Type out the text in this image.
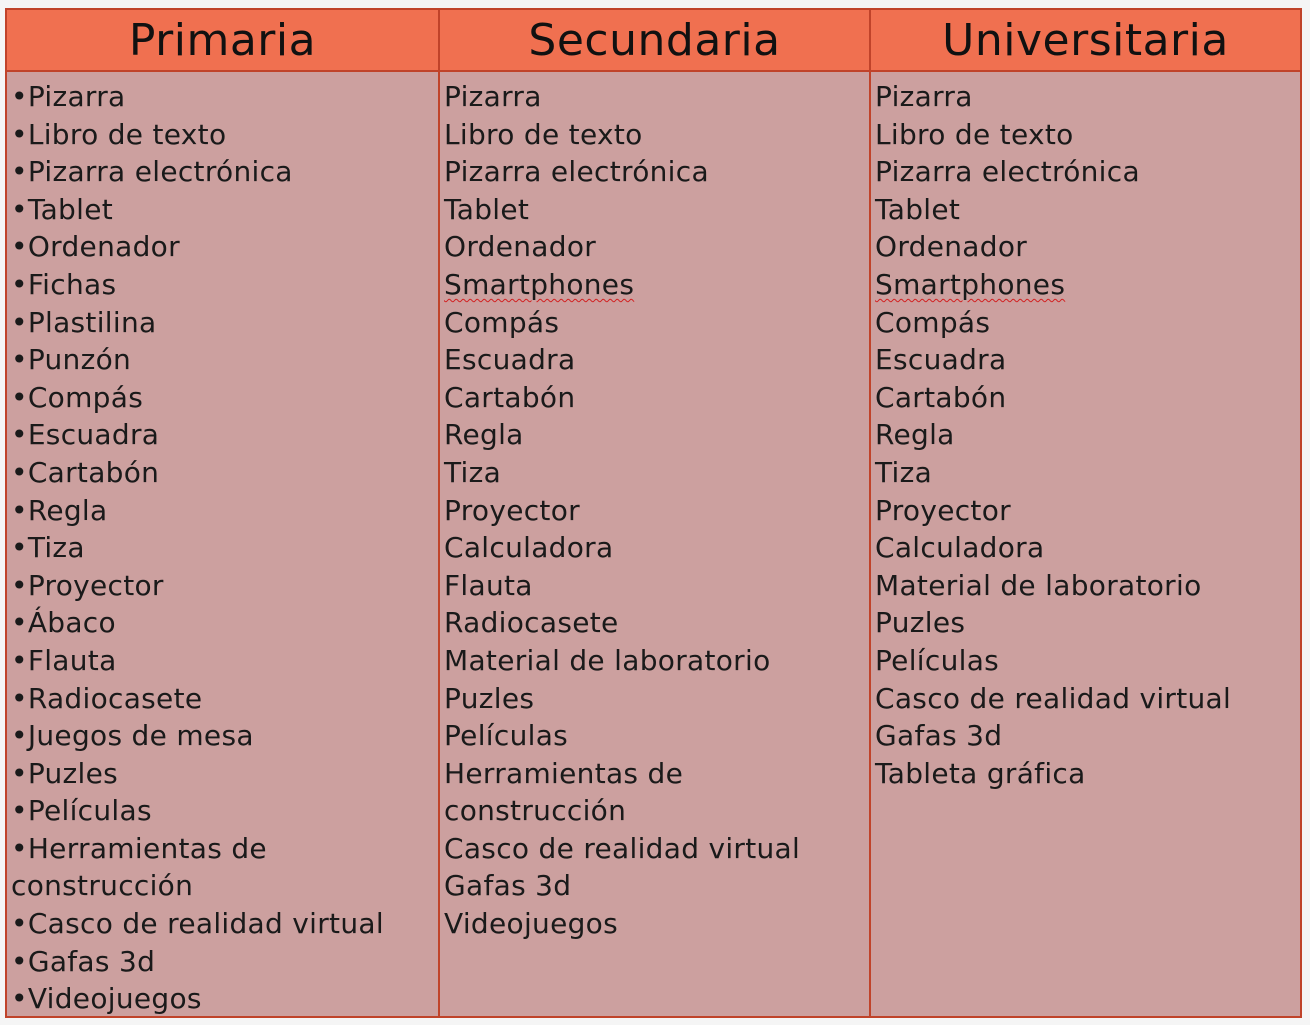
Primaria	Secundaria	Universitaria
•Pizarra
•Libro de texto
•Pizarra electrónica
•Tablet
•Ordenador
•Fichas
•Plastilina
•Punzón
•Compás
•Escuadra
•Cartabón
•Regla
•Tiza
•Proyector
•Ábaco
•Flauta
•Radiocasete
•Juegos de mesa
•Puzles
•Películas
•Herramientas de
construcción
•Casco de realidad virtual
•Gafas 3d
•Videojuegos
Pizarra
Libro de texto
Pizarra electrónica
Tablet
Ordenador
Smartphones
Compás
Escuadra
Cartabón
Regla
Tiza
Proyector
Calculadora
Flauta
Radiocasete
Material de laboratorio
Puzles
Películas
Herramientas de
construcción
Casco de realidad virtual
Gafas 3d
Videojuegos
Pizarra
Libro de texto
Pizarra electrónica
Tablet
Ordenador
Smartphones
Compás
Escuadra
Cartabón
Regla
Tiza
Proyector
Calculadora
Material de laboratorio
Puzles
Películas
Casco de realidad virtual
Gafas 3d
Tableta gráfica
